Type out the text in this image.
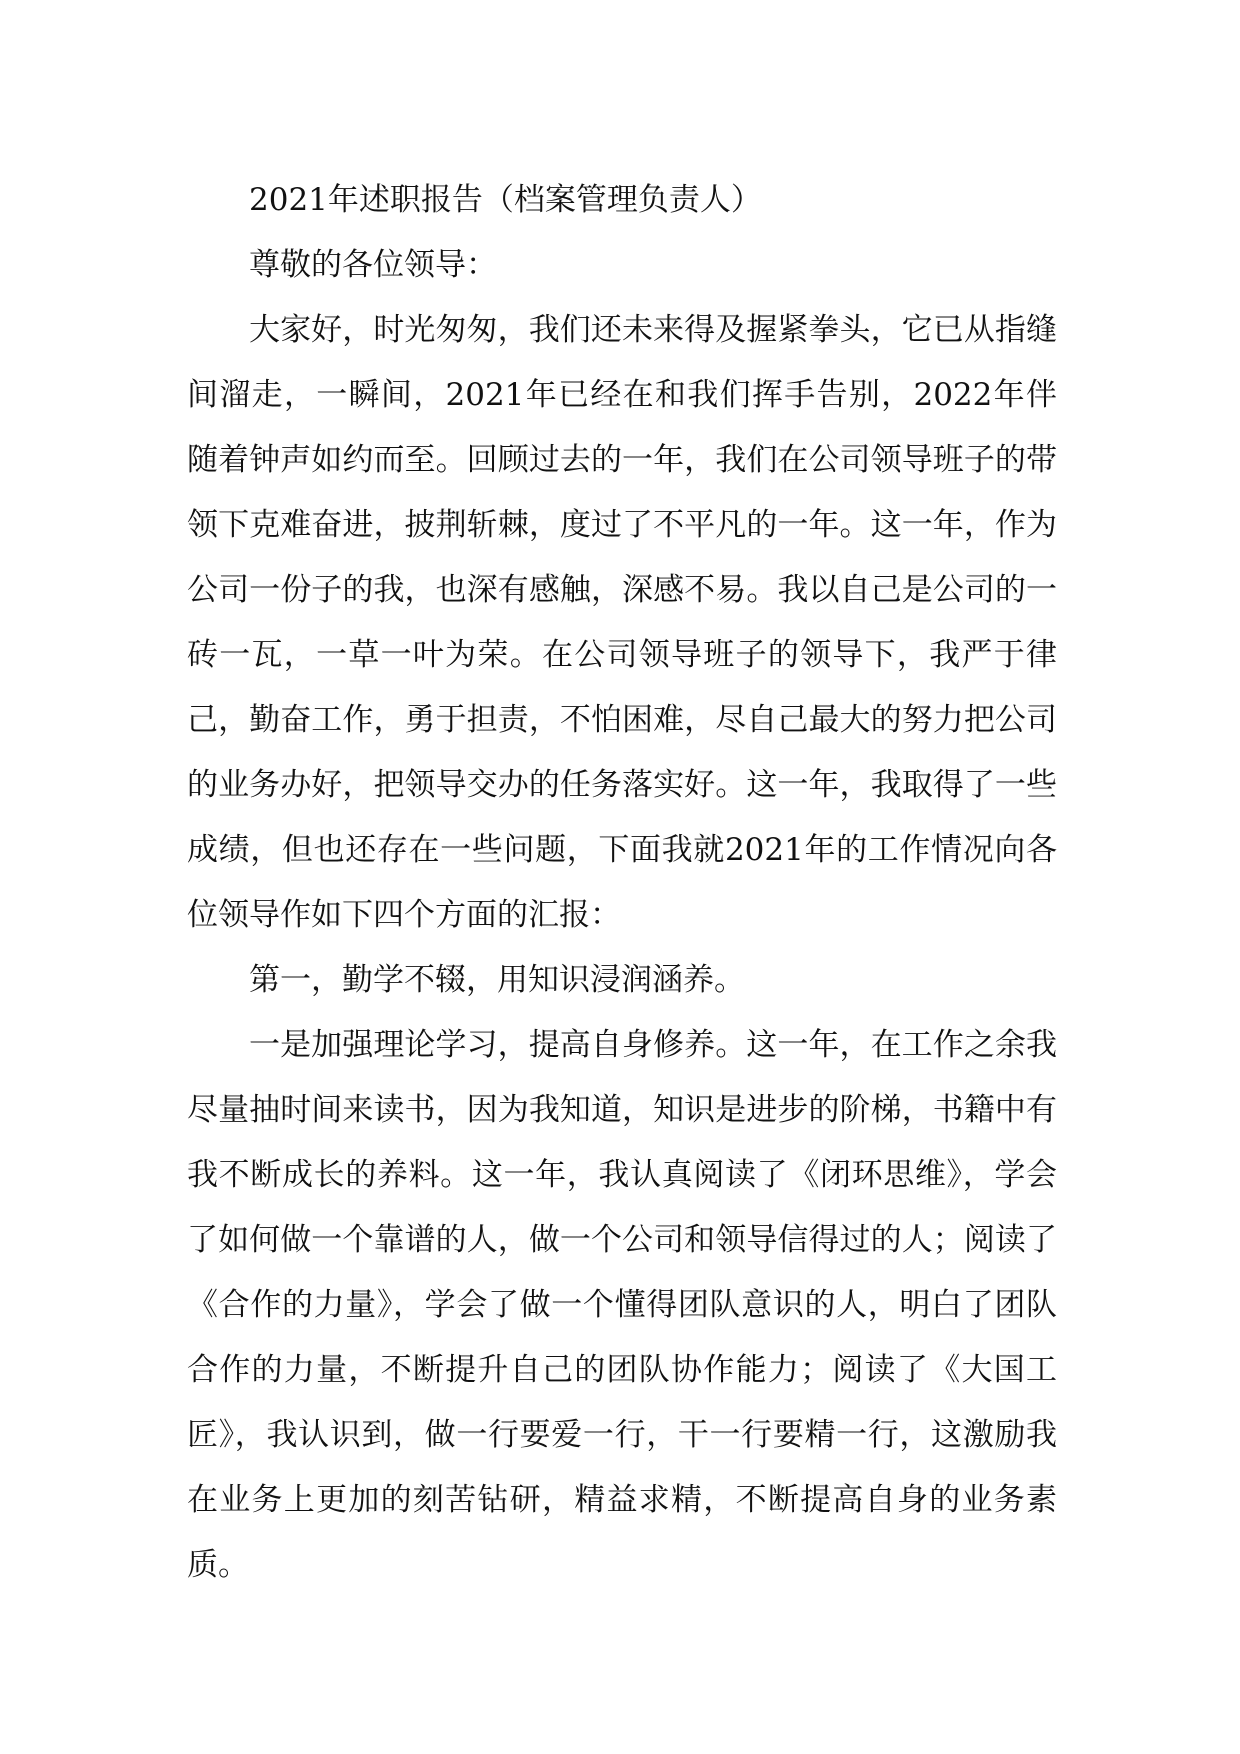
2021年述职报告（档案管理负责人）

尊敬的各位领导：

大家好，时光匆匆，我们还未来得及握紧拳头，它已从指缝间溜走，一瞬间，2021年已经在和我们挥手告别，2022年伴随着钟声如约而至。回顾过去的一年，我们在公司领导班子的带领下克难奋进，披荆斩棘，度过了不平凡的一年。这一年，作为公司一份子的我，也深有感触，深感不易。我以自己是公司的一砖一瓦，一草一叶为荣。在公司领导班子的领导下，我严于律己，勤奋工作，勇于担责，不怕困难，尽自己最大的努力把公司的业务办好，把领导交办的任务落实好。这一年，我取得了一些成绩，但也还存在一些问题，下面我就2021年的工作情况向各位领导作如下四个方面的汇报：

第一，勤学不辍，用知识浸润涵养。

一是加强理论学习，提高自身修养。这一年，在工作之余我尽量抽时间来读书，因为我知道，知识是进步的阶梯，书籍中有我不断成长的养料。这一年，我认真阅读了《闭环思维》，学会了如何做一个靠谱的人，做一个公司和领导信得过的人；阅读了《合作的力量》，学会了做一个懂得团队意识的人，明白了团队合作的力量，不断提升自己的团队协作能力；阅读了《大国工匠》，我认识到，做一行要爱一行，干一行要精一行，这激励我在业务上更加的刻苦钻研，精益求精，不断提高自身的业务素质。
